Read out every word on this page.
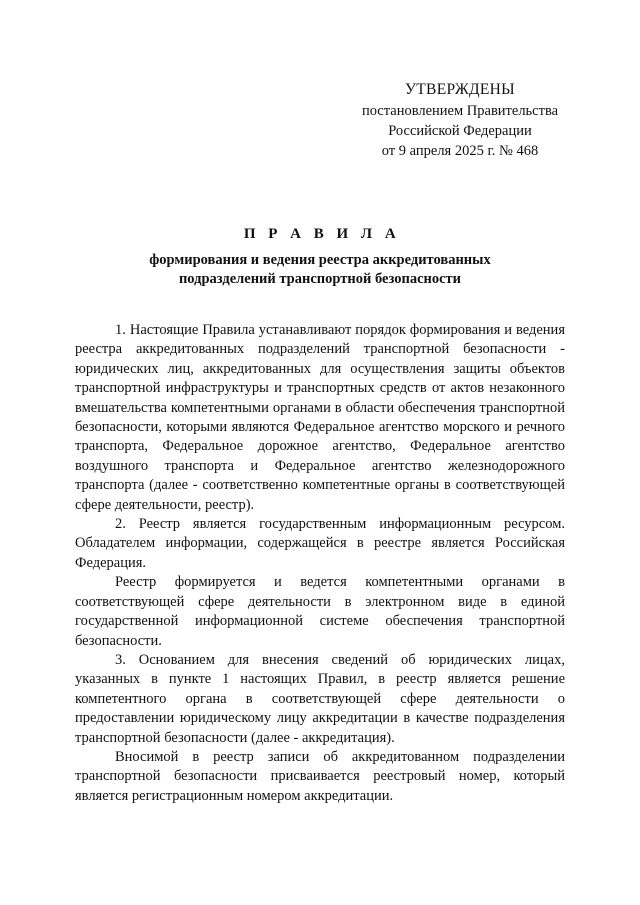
УТВЕРЖДЕНЫ
постановлением Правительства
Российской Федерации
от 9 апреля 2025 г. № 468
П Р А В И Л А
формирования и ведения реестра аккредитованных
подразделений транспортной безопасности

1. Настоящие Правила устанавливают порядок формирования и ведения реестра аккредитованных подразделений транспортной безопасности - юридических лиц, аккредитованных для осуществления защиты объектов транспортной инфраструктуры и транспортных средств от актов незаконного вмешательства компетентными органами в области обеспечения транспортной безопасности, которыми являются Федеральное агентство морского и речного транспорта, Федеральное дорожное агентство, Федеральное агентство воздушного транспорта и Федеральное агентство железнодорожного транспорта (далее - соответственно компетентные органы в соответствующей сфере деятельности, реестр).

2. Реестр является государственным информационным ресурсом. Обладателем информации, содержащейся в реестре является Российская Федерация.

Реестр формируется и ведется компетентными органами в соответствующей сфере деятельности в электронном виде в единой государственной информационной системе обеспечения транспортной безопасности.

3. Основанием для внесения сведений об юридических лицах, указанных в пункте 1 настоящих Правил, в реестр является решение компетентного органа в соответствующей сфере деятельности о предоставлении юридическому лицу аккредитации в качестве подразделения транспортной безопасности (далее - аккредитация).

Вносимой в реестр записи об аккредитованном подразделении транспортной безопасности присваивается реестровый номер, который является регистрационным номером аккредитации.
